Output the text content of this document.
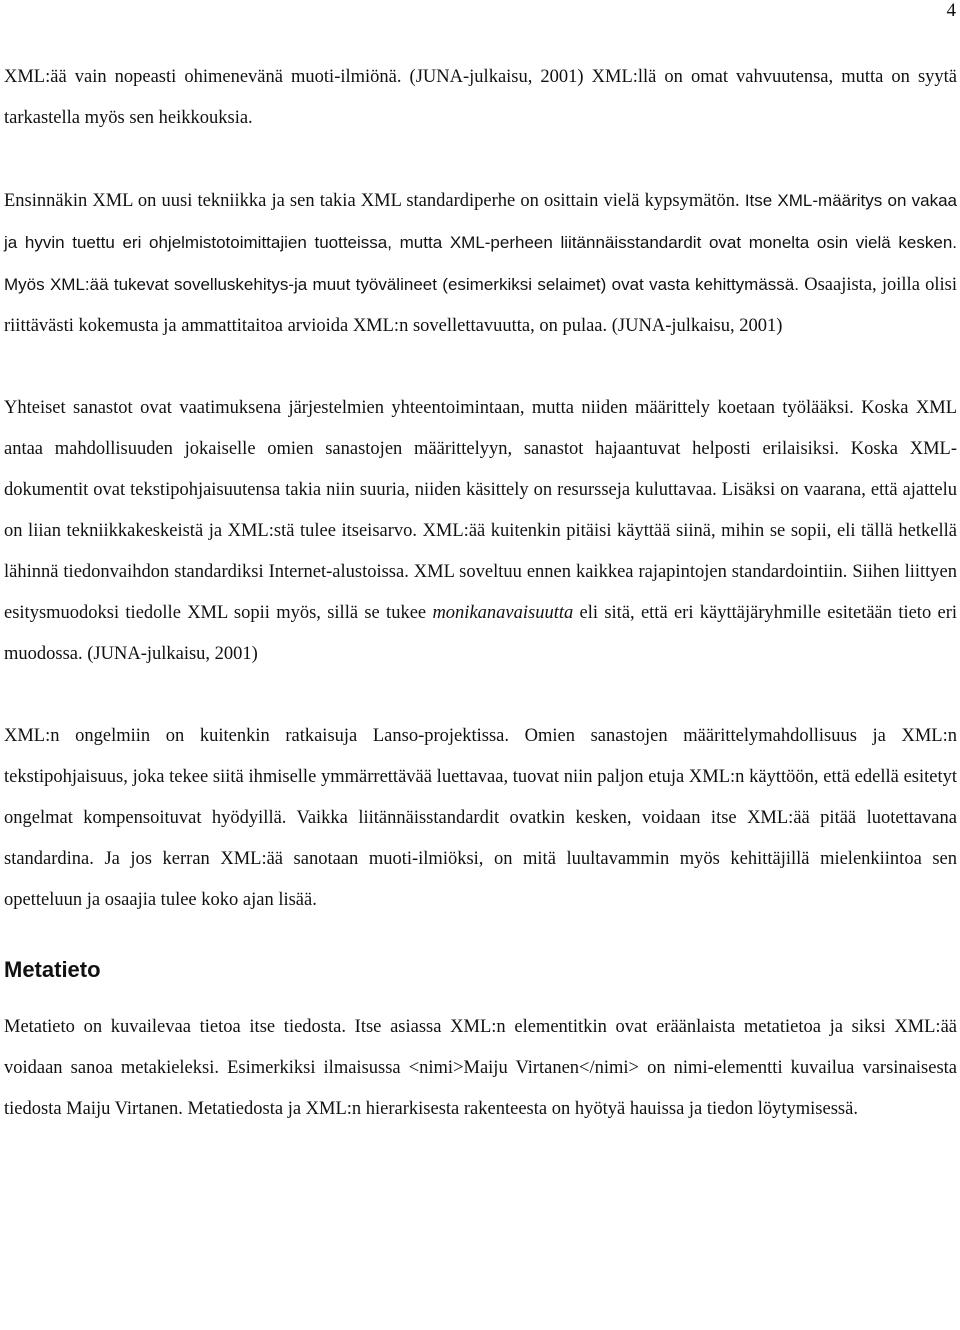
4

XML:ää vain nopeasti ohimenevänä muoti-ilmiönä. (JUNA-julkaisu, 2001) XML:llä on omat vahvuutensa, mutta on syytä tarkastella myös sen heikkouksia.

Ensinnäkin XML on uusi tekniikka ja sen takia XML standardiperhe on osittain vielä kypsymätön. Itse XML-määritys on vakaa ja hyvin tuettu eri ohjelmistotoimittajien tuotteissa, mutta XML-perheen liitännäisstandardit ovat monelta osin vielä kesken. Myös XML:ää tukevat sovelluskehitys-ja muut työvälineet (esimerkiksi selaimet) ovat vasta kehittymässä. Osaajista, joilla olisi riittävästi kokemusta ja ammattitaitoa arvioida XML:n sovellettavuutta, on pulaa. (JUNA-julkaisu, 2001)

Yhteiset sanastot ovat vaatimuksena järjestelmien yhteentoimintaan, mutta niiden määrittely koetaan työlääksi. Koska XML antaa mahdollisuuden jokaiselle omien sanastojen määrittelyyn, sanastot hajaantuvat helposti erilaisiksi. Koska XML-dokumentit ovat tekstipohjaisuutensa takia niin suuria, niiden käsittely on resursseja kuluttavaa. Lisäksi on vaarana, että ajattelu on liian tekniikkakeskeistä ja XML:stä tulee itseisarvo. XML:ää kuitenkin pitäisi käyttää siinä, mihin se sopii, eli tällä hetkellä lähinnä tiedonvaihdon standardiksi Internet-alustoissa. XML soveltuu ennen kaikkea rajapintojen standardointiin. Siihen liittyen esitysmuodoksi tiedolle XML sopii myös, sillä se tukee monikanavaisuutta eli sitä, että eri käyttäjäryhmille esitetään tieto eri muodossa. (JUNA-julkaisu, 2001)

XML:n ongelmiin on kuitenkin ratkaisuja Lanso-projektissa. Omien sanastojen määrittelymahdollisuus ja XML:n tekstipohjaisuus, joka tekee siitä ihmiselle ymmärrettävää luettavaa, tuovat niin paljon etuja XML:n käyttöön, että edellä esitetyt ongelmat kompensoituvat hyödyillä. Vaikka liitännäisstandardit ovatkin kesken, voidaan itse XML:ää pitää luotettavana standardina. Ja jos kerran XML:ää sanotaan muoti-ilmiöksi, on mitä luultavammin myös kehittäjillä mielenkiintoa sen opetteluun ja osaajia tulee koko ajan lisää.

Metatieto

Metatieto on kuvailevaa tietoa itse tiedosta. Itse asiassa XML:n elementitkin ovat eräänlaista metatietoa ja siksi XML:ää voidaan sanoa metakieleksi. Esimerkiksi ilmaisussa <nimi>Maiju Virtanen</nimi> on nimi-elementti kuvailua varsinaisesta tiedosta Maiju Virtanen. Metatiedosta ja XML:n hierarkisesta rakenteesta on hyötyä hauissa ja tiedon löytymisessä.
